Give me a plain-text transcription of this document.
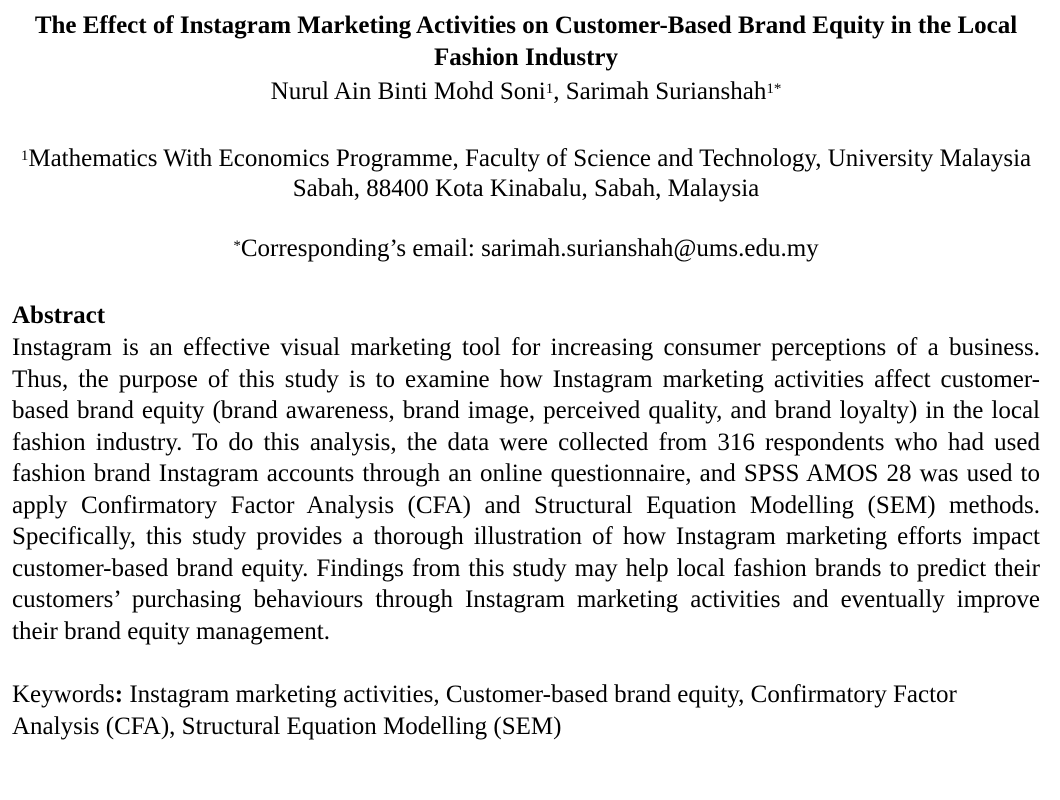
The Effect of Instagram Marketing Activities on Customer-Based Brand Equity in the Local Fashion Industry
Nurul Ain Binti Mohd Soni$^1$, Sarimah Surianshah$^{1*}$
$^1$Mathematics With Economics Programme, Faculty of Science and Technology, University Malaysia Sabah, 88400 Kota Kinabalu, Sabah, Malaysia
*Corresponding’s email: sarimah.surianshah@ums.edu.my
Abstract

Instagram is an effective visual marketing tool for increasing consumer perceptions of a business. Thus, the purpose of this study is to examine how Instagram marketing activities affect customer-based brand equity (brand awareness, brand image, perceived quality, and brand loyalty) in the local fashion industry. To do this analysis, the data were collected from 316 respondents who had used fashion brand Instagram accounts through an online questionnaire, and SPSS AMOS 28 was used to apply Confirmatory Factor Analysis (CFA) and Structural Equation Modelling (SEM) methods. Specifically, this study provides a thorough illustration of how Instagram marketing efforts impact customer-based brand equity. Findings from this study may help local fashion brands to predict their customers’ purchasing behaviours through Instagram marketing activities and eventually improve their brand equity management.

Keywords: Instagram marketing activities, Customer-based brand equity, Confirmatory Factor Analysis (CFA), Structural Equation Modelling (SEM)
